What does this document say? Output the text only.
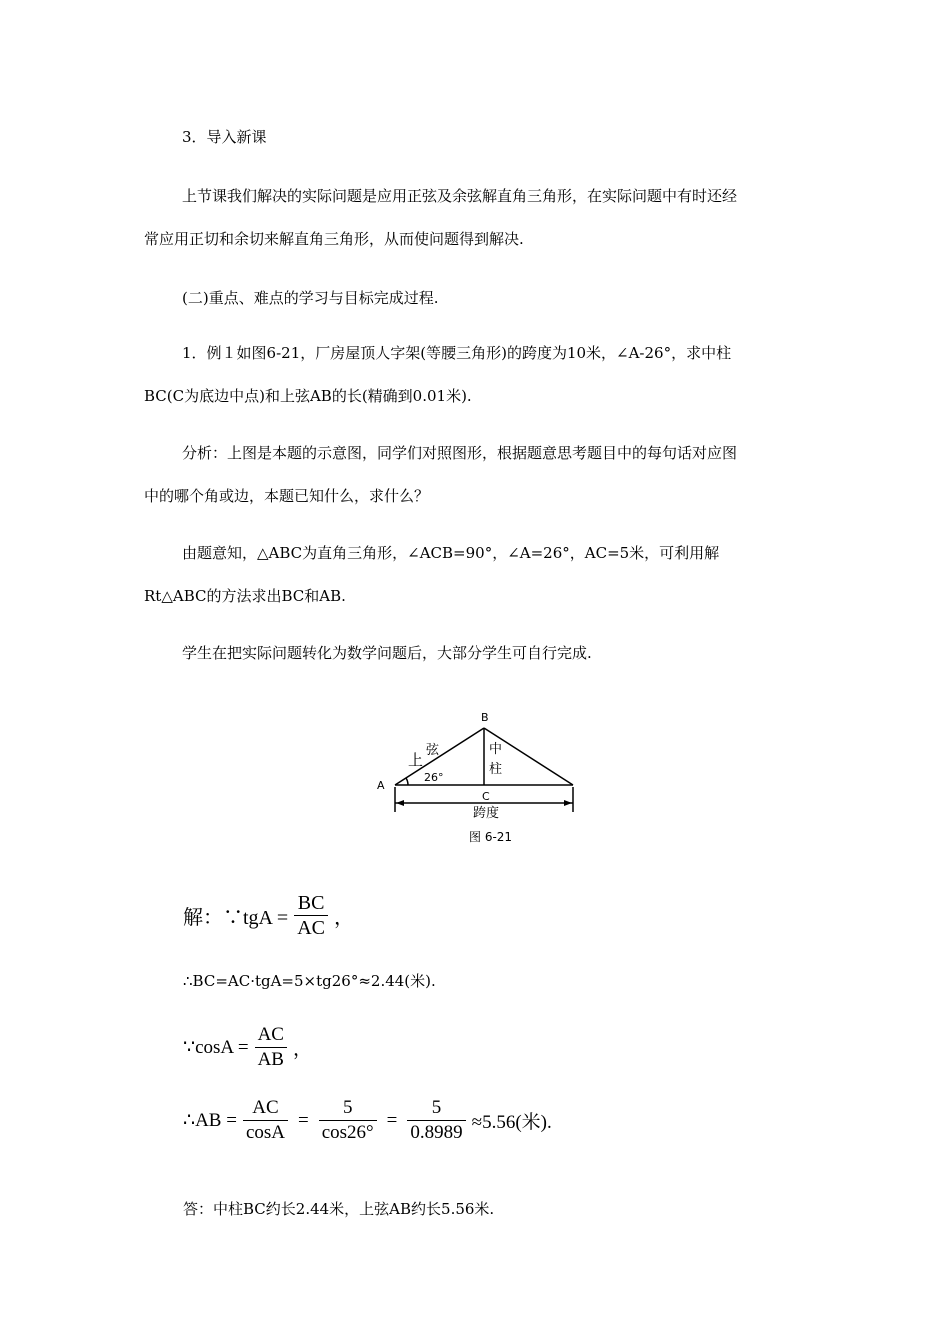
3．导入新课

上节课我们解决的实际问题是应用正弦及余弦解直角三角形，在实际问题中有时还经

常应用正切和余切来解直角三角形，从而使问题得到解决.

(二)重点、难点的学习与目标完成过程.

1．例１如图6-21，厂房屋顶人字架(等腰三角形)的跨度为10米，∠A-26°，求中柱

BC(C为底边中点)和上弦AB的长(精确到0.01米).

分析：上图是本题的示意图，同学们对照图形，根据题意思考题目中的每句话对应图

中的哪个角或边，本题已知什么，求什么？

由题意知，△ABC为直角三角形，∠ACB=90°，∠A=26°，AC=5米，可利用解

Rt△ABC的方法求出BC和AB.

学生在把实际问题转化为数学问题后，大部分学生可自行完成.

A
B
C
上
弦	中
柱
26°
跨度
图 6-21
解：∵tgA = $\frac{BC}{AC}$ ，

∴BC=AC·tgA=5×tg26°≈2.44(米).

∵cosA = $\frac{AC}{AB}$ ，
∴AB = $\frac{AC}{\cos A} = \frac{5}{\cos 26^\circ} = \frac{5}{0.8989} \approx 5.56$(米).

答：中柱BC约长2.44米，上弦AB约长5.56米.
